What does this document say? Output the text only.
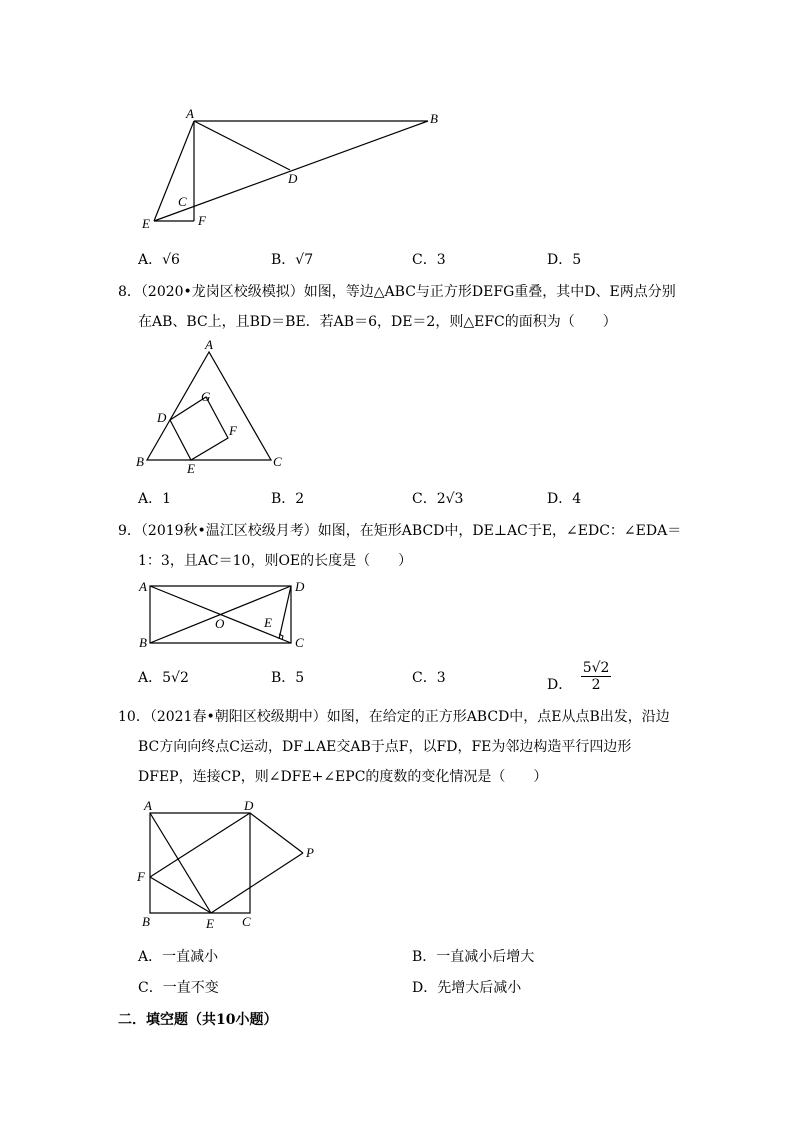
A	B
D
C
E	F
A．√6	B．√7	C．3	D．5
8．（2020•龙岗区校级模拟）如图，等边△ABC与正方形DEFG重叠，其中D、E两点分别
在AB、BC上，且BD＝BE．若AB＝6，DE＝2，则△EFC的面积为（　　）
A
B	C
D
E
F
G
A．1	B．2	C．2√3	D．4
9．（2019秋•温江区校级月考）如图，在矩形ABCD中，DE⊥AC于E，∠EDC：∠EDA＝
1：3，且AC＝10，则OE的长度是（　　）
A
B	C
D
O	E
A．5√2	B．5	C．3	D． $\frac{5√2}{2}$
10．（2021春•朝阳区校级期中）如图，在给定的正方形ABCD中，点E从点B出发，沿边
BC方向向终点C运动，DF⊥AE交AB于点F，以FD，FE为邻边构造平行四边形
DFEP，连接CP，则∠DFE+∠EPC的度数的变化情况是（　　）
A	D
P
F
B	E C
A．一直减小	B．一直减小后增大
C．一直不变	D．先增大后减小
二．填空题（共10小题）
